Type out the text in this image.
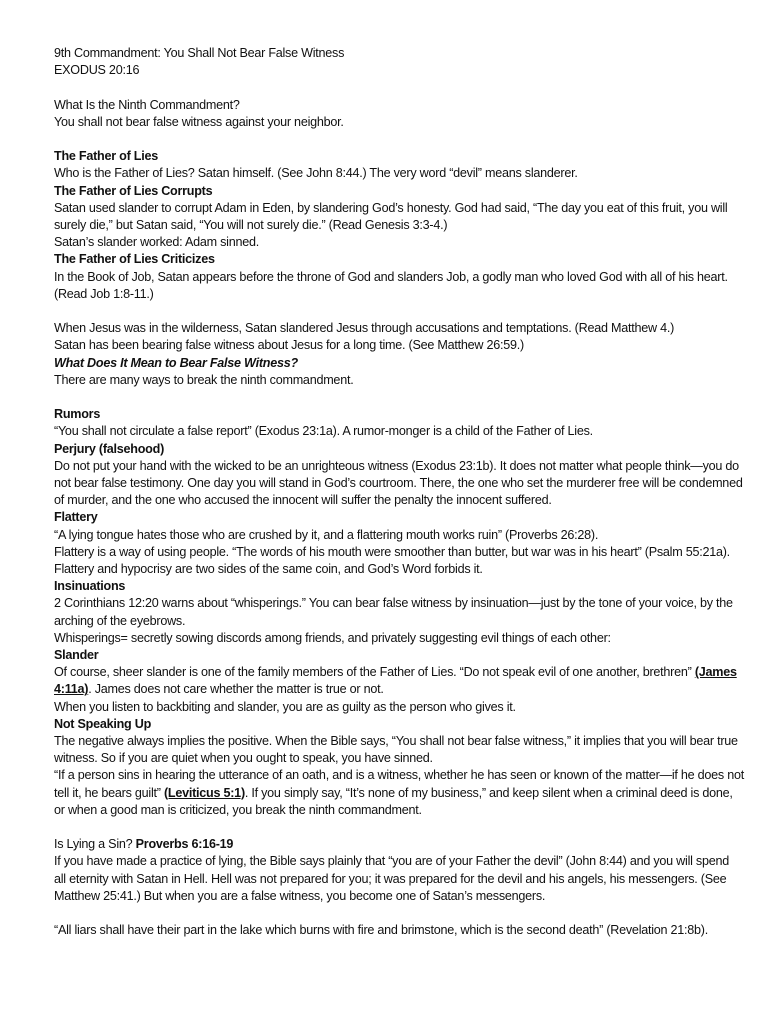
9th Commandment: You Shall Not Bear False Witness

EXODUS 20:16

What Is the Ninth Commandment?

You shall not bear false witness against your neighbor.

The Father of Lies

Who is the Father of Lies? Satan himself. (See John 8:44.) The very word “devil” means slanderer.

The Father of Lies Corrupts

Satan used slander to corrupt Adam in Eden, by slandering God’s honesty. God had said, “The day you eat of this fruit, you will surely die,” but Satan said, “You will not surely die.” (Read Genesis 3:3-4.)

Satan’s slander worked: Adam sinned.

The Father of Lies Criticizes

In the Book of Job, Satan appears before the throne of God and slanders Job, a godly man who loved God with all of his heart. (Read Job 1:8-11.)

When Jesus was in the wilderness, Satan slandered Jesus through accusations and temptations. (Read Matthew 4.)

Satan has been bearing false witness about Jesus for a long time. (See Matthew 26:59.)

What Does It Mean to Bear False Witness?

There are many ways to break the ninth commandment.

Rumors

“You shall not circulate a false report” (Exodus 23:1a). A rumor-monger is a child of the Father of Lies.

Perjury (falsehood)

Do not put your hand with the wicked to be an unrighteous witness (Exodus 23:1b). It does not matter what people think—you do not bear false testimony. One day you will stand in God’s courtroom. There, the one who set the murderer free will be condemned of murder, and the one who accused the innocent will suffer the penalty the innocent suffered.

Flattery

“A lying tongue hates those who are crushed by it, and a flattering mouth works ruin” (Proverbs 26:28).

Flattery is a way of using people. “The words of his mouth were smoother than butter, but war was in his heart” (Psalm 55:21a). Flattery and hypocrisy are two sides of the same coin, and God’s Word forbids it.

Insinuations

2 Corinthians 12:20 warns about “whisperings.” You can bear false witness by insinuation—just by the tone of your voice, by the arching of the eyebrows.

Whisperings= secretly sowing discords among friends, and privately suggesting evil things of each other:

Slander

Of course, sheer slander is one of the family members of the Father of Lies. “Do not speak evil of one another, brethren” (James 4:11a). James does not care whether the matter is true or not.

When you listen to backbiting and slander, you are as guilty as the person who gives it.

Not Speaking Up

The negative always implies the positive. When the Bible says, “You shall not bear false witness,” it implies that you will bear true witness. So if you are quiet when you ought to speak, you have sinned.

“If a person sins in hearing the utterance of an oath, and is a witness, whether he has seen or known of the matter—if he does not tell it, he bears guilt” (Leviticus 5:1). If you simply say, “It’s none of my business,” and keep silent when a criminal deed is done, or when a good man is criticized, you break the ninth commandment.

Is Lying a Sin? Proverbs 6:16-19

If you have made a practice of lying, the Bible says plainly that “you are of your Father the devil” (John 8:44) and you will spend all eternity with Satan in Hell. Hell was not prepared for you; it was prepared for the devil and his angels, his messengers. (See Matthew 25:41.) But when you are a false witness, you become one of Satan’s messengers.

“All liars shall have their part in the lake which burns with fire and brimstone, which is the second death” (Revelation 21:8b).
